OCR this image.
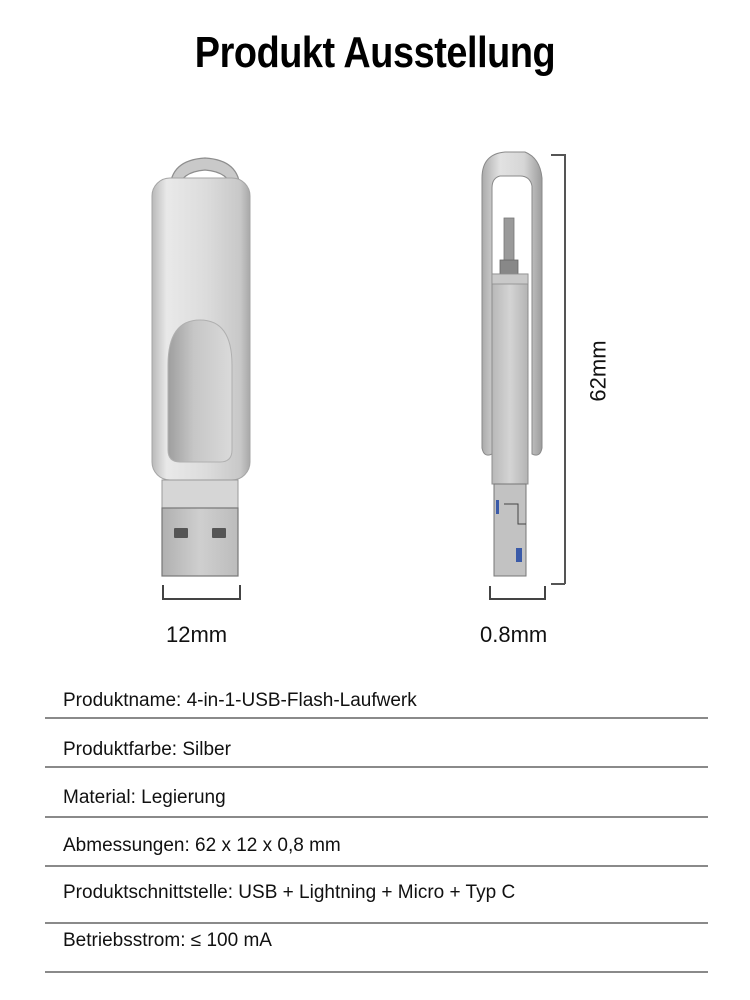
Produkt Ausstellung
12mm
62mm
0.8mm
Produktname: 4-in-1-USB-Flash-Laufwerk
Produktfarbe: Silber
Material: Legierung
Abmessungen: 62 x 12 x 0,8 mm
Produktschnittstelle: USB + Lightning + Micro + Typ C
Betriebsstrom: ≤ 100 mA
